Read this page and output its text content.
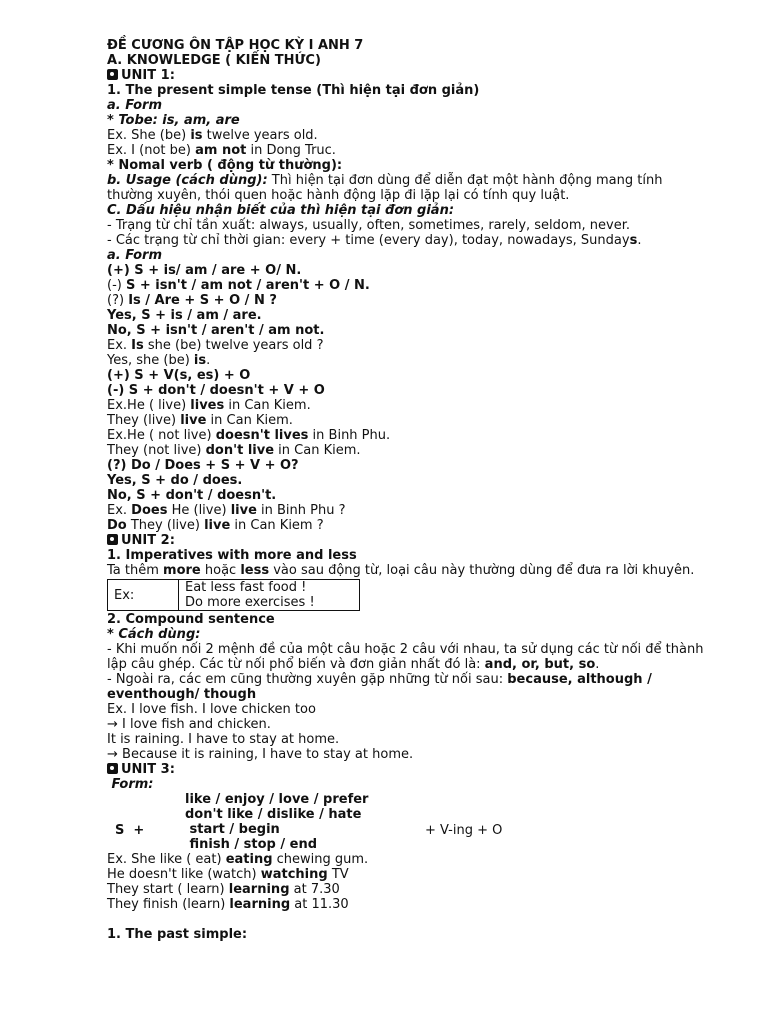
ĐỀ CƯƠNG ÔN TẬP HỌC KỲ I ANH 7
A. KNOWLEDGE ( KIẾN THỨC)
UNIT 1:
1. The present simple tense (Thì hiện tại đơn giản)
a. Form
* Tobe: is, am, are
Ex. She (be) is twelve years old.
Ex. I (not be) am not in Dong Truc.
* Nomal verb ( động từ thường):
b. Usage (cách dùng): Thì hiện tại đơn dùng để diễn đạt một hành động mang tính thường xuyên, thói quen hoặc hành động lặp đi lặp lại có tính quy luật.
C. Dấu hiệu nhận biết của thì hiện tại đơn giản:
- Trạng từ chỉ tần xuất: always, usually, often, sometimes, rarely, seldom, never.
- Các trạng từ chỉ thời gian: every + time (every day), today, nowadays, Sundays.
a. Form
(+) S + is/ am / are + O/ N.
(-) S + isn't / am not / aren't + O / N.
(?) Is / Are + S + O / N ?
Yes, S + is / am / are.
No, S + isn't / aren't / am not.
Ex. Is she (be) twelve years old ?
Yes, she (be) is.
(+) S + V(s, es) + O
(-) S + don't / doesn't + V + O
Ex.He ( live) lives in Can Kiem.
They (live) live in Can Kiem.
Ex.He ( not live) doesn't lives in Binh Phu.
They (not live) don't live in Can Kiem.
(?) Do / Does + S + V + O?
Yes, S + do / does.
No, S + don't / doesn't.
Ex. Does He (live) live in Binh Phu ?
Do They (live) live in Can Kiem ?
UNIT 2:
1. Imperatives with more and less
Ta thêm more hoặc less vào sau động từ, loại câu này thường dùng để đưa ra lời khuyên.
Ex:	Eat less fast food !
Do more exercises !
2. Compound sentence
* Cách dùng:
- Khi muốn nối 2 mệnh đề của một câu hoặc 2 câu với nhau, ta sử dụng các từ nối để thành lập câu ghép. Các từ nối phổ biến và đơn giản nhất đó là: and, or, but, so.
- Ngoài ra, các em cũng thường xuyên gặp những từ nối sau: because, although / eventhough/ though
Ex. I love fish. I love chicken too
→ I love fish and chicken.
It is raining. I have to stay at home.
→ Because it is raining, I have to stay at home.
UNIT 3:
Form:
S  +
like / enjoy / love / prefer
don't like / dislike / hate
start / begin
finish / stop / end
+ V-ing + O
Ex. She like ( eat) eating chewing gum.
He doesn't like (watch) watching TV
They start ( learn) learning at 7.30
They finish (learn) learning at 11.30
1. The past simple:
